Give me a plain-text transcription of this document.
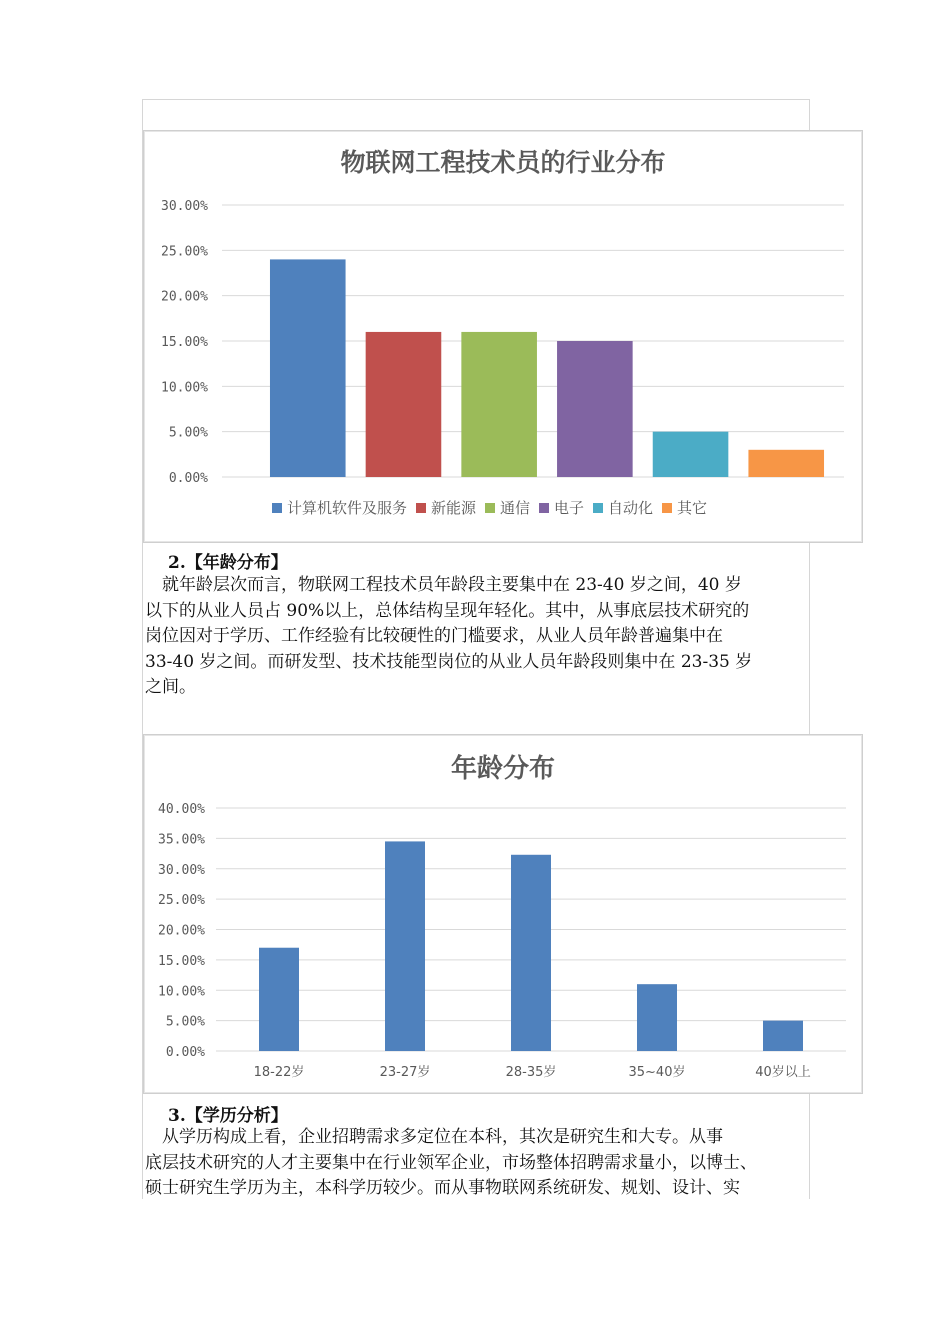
物联网工程技术员的行业分布
30.00%
25.00%
20.00%
15.00%
10.00%
5.00%
0.00%
计算机软件及服务 新能源 通信 电子 自动化 其它
2.【年龄分布】
　就年龄层次而言，物联网工程技术员年龄段主要集中在 23-40 岁之间，40 岁
以下的从业人员占 90%以上，总体结构呈现年轻化。其中，从事底层技术研究的
岗位因对于学历、工作经验有比较硬性的门槛要求，从业人员年龄普遍集中在
33-40 岁之间。而研发型、技术技能型岗位的从业人员年龄段则集中在 23-35 岁
之间。
年龄分布
40.00%
35.00%
30.00%
25.00%
20.00%
15.00%
10.00%
5.00%
0.00%
18-22岁	23-27岁	28-35岁	35~40岁	40岁以上
3.【学历分析】
　从学历构成上看，企业招聘需求多定位在本科，其次是研究生和大专。从事
底层技术研究的人才主要集中在行业领军企业，市场整体招聘需求量小，以博士、
硕士研究生学历为主，本科学历较少。而从事物联网系统研发、规划、设计、实
